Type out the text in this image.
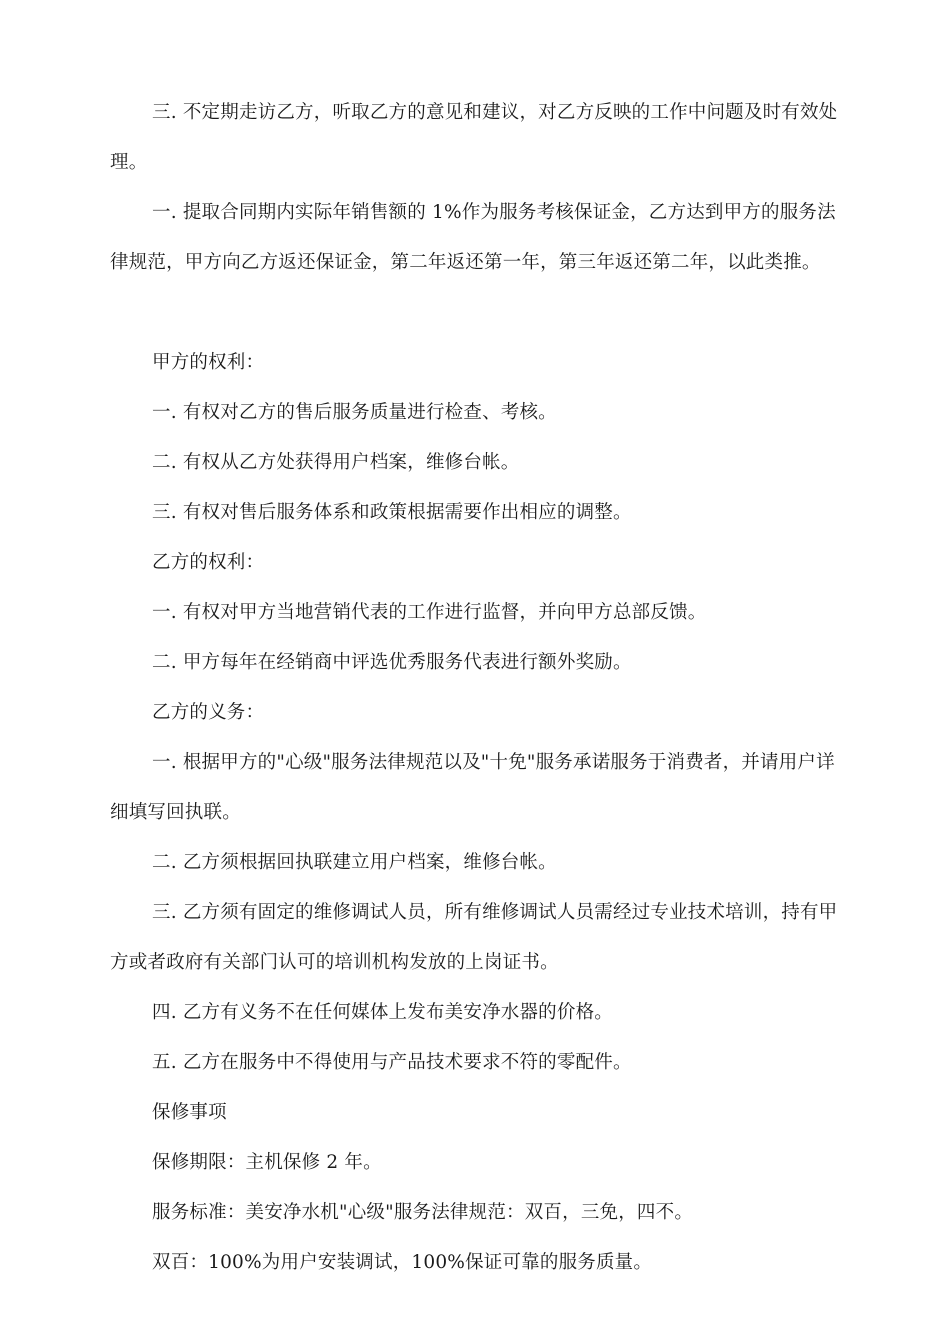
三. 不定期走访乙方，听取乙方的意见和建议，对乙方反映的工作中问题及时有效处理。

一. 提取合同期内实际年销售额的 1%作为服务考核保证金，乙方达到甲方的服务法律规范，甲方向乙方返还保证金，第二年返还第一年，第三年返还第二年，以此类推。

甲方的权利：

一. 有权对乙方的售后服务质量进行检查、考核。

二. 有权从乙方处获得用户档案，维修台帐。

三. 有权对售后服务体系和政策根据需要作出相应的调整。

乙方的权利：

一. 有权对甲方当地营销代表的工作进行监督，并向甲方总部反馈。

二. 甲方每年在经销商中评选优秀服务代表进行额外奖励。

乙方的义务：

一. 根据甲方的"心级"服务法律规范以及"十免"服务承诺服务于消费者，并请用户详细填写回执联。

二. 乙方须根据回执联建立用户档案，维修台帐。

三. 乙方须有固定的维修调试人员，所有维修调试人员需经过专业技术培训，持有甲方或者政府有关部门认可的培训机构发放的上岗证书。

四. 乙方有义务不在任何媒体上发布美安净水器的价格。

五. 乙方在服务中不得使用与产品技术要求不符的零配件。

保修事项

保修期限：主机保修 2 年。

服务标准：美安净水机"心级"服务法律规范：双百，三免，四不。

双百：100%为用户安装调试，100%保证可靠的服务质量。
